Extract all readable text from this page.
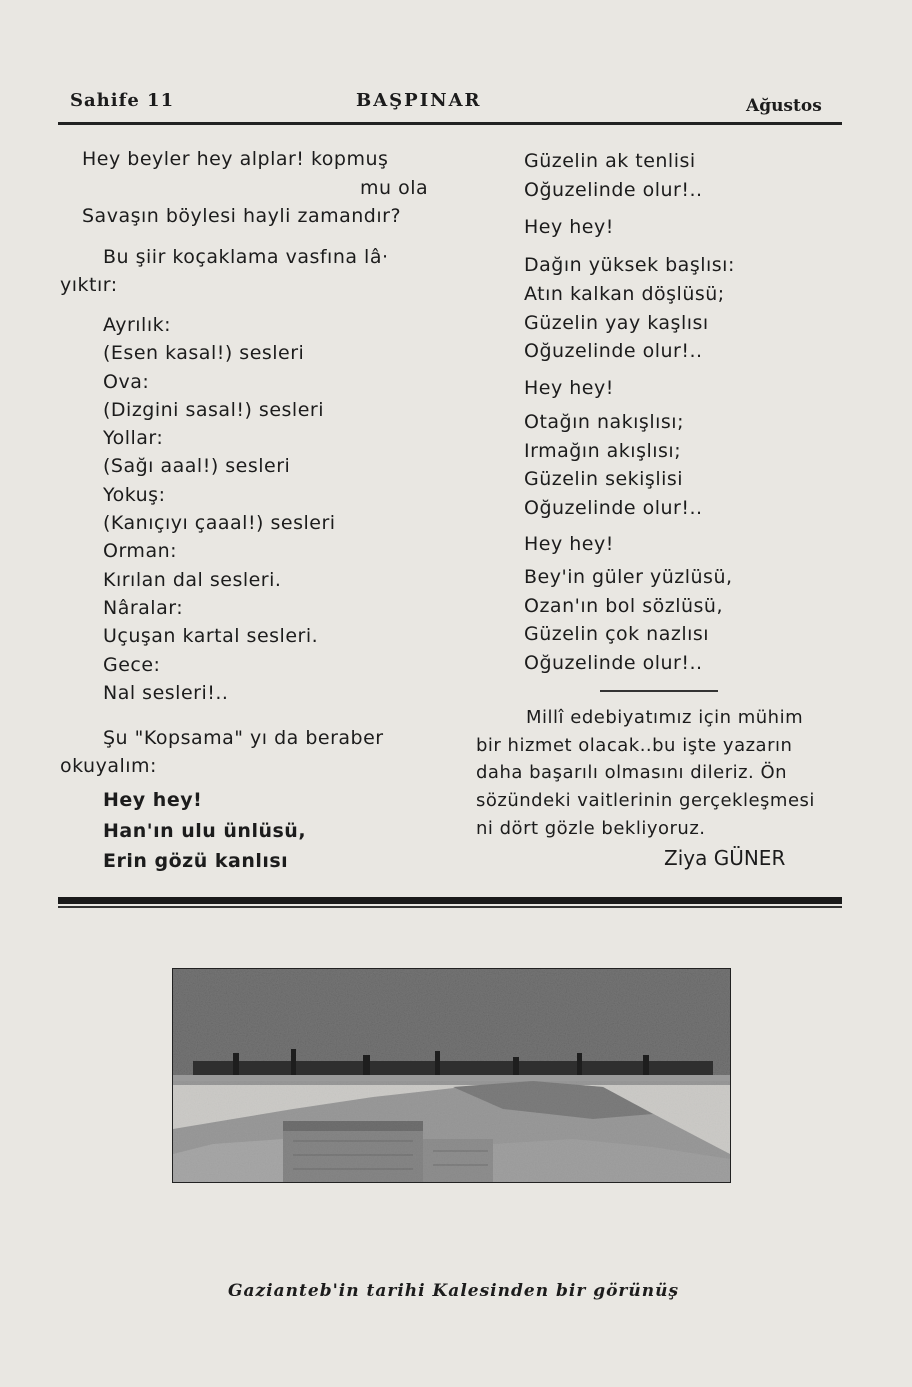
Sahife 11	BAŞPINAR	Ağustos
Hey beyler hey alplar! kopmuş
mu ola
Savaşın böylesi hayli zamandır?
Bu şiir koçaklama vasfına lâ·
yıktır:
Ayrılık:
(Esen kasal!) sesleri
Ova:
(Dizgini sasal!) sesleri
Yollar:
(Sağı aaal!) sesleri
Yokuş:
(Kanıçıyı çaaal!) sesleri
Orman:
Kırılan dal sesleri.
Nâralar:
Uçuşan kartal sesleri.
Gece:
Nal sesleri!..
Şu "Kopsama" yı da beraber
okuyalım:
Hey hey!
Han'ın ulu ünlüsü,
Erin gözü kanlısı
Güzelin ak tenlisi
Oğuzelinde olur!..
Hey hey!
Dağın yüksek başlısı:
Atın kalkan döşlüsü;
Güzelin yay kaşlısı
Oğuzelinde olur!..
Hey hey!
Otağın nakışlısı;
Irmağın akışlısı;
Güzelin sekişlisi
Oğuzelinde olur!..
Hey hey!
Bey'in güler yüzlüsü,
Ozan'ın bol sözlüsü,
Güzelin çok nazlısı
Oğuzelinde olur!..
Millî edebiyatımız için mühim
bir hizmet olacak..bu işte yazarın
daha başarılı olmasını dileriz. Ön
sözündeki vaitlerinin gerçekleşmesi
ni dört gözle bekliyoruz.
Ziya GÜNER
Gazianteb'in tarihi Kalesinden bir görünüş
